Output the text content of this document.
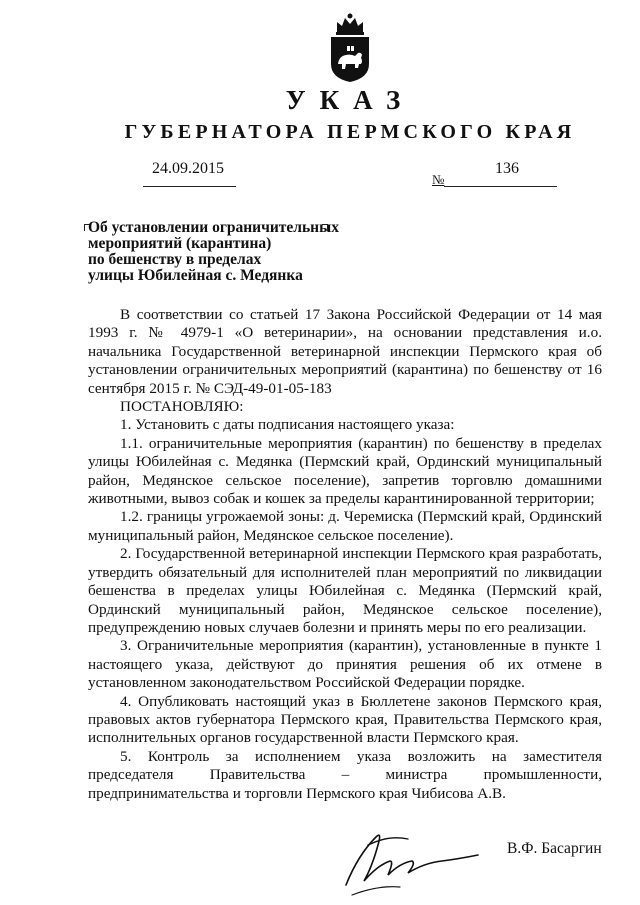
УКАЗ
ГУБЕРНАТОРА ПЕРМСКОГО КРАЯ
24.09.2015
№
136
Об установлении ограничительных
мероприятий (карантина)
по бешенству в пределах
улицы Юбилейная с. Медянка

В соответствии со статьей 17 Закона Российской Федерации от 14 мая 1993 г. № 4979-1 «О ветеринарии», на основании представления и.о. начальника Государственной ветеринарной инспекции Пермского края об установлении ограничительных мероприятий (карантина) по бешенству от 16 сентября 2015 г. № СЭД-49-01-05-183

ПОСТАНОВЛЯЮ:

1. Установить с даты подписания настоящего указа:

1.1. ограничительные мероприятия (карантин) по бешенству в пределах улицы Юбилейная с. Медянка (Пермский край, Ординский муниципальный район, Медянское сельское поселение), запретив торговлю домашними животными, вывоз собак и кошек за пределы карантинированной территории;

1.2. границы угрожаемой зоны: д. Черемиска (Пермский край, Ординский муниципальный район, Медянское сельское поселение).

2. Государственной ветеринарной инспекции Пермского края разработать, утвердить обязательный для исполнителей план мероприятий по ликвидации бешенства в пределах улицы Юбилейная с. Медянка (Пермский край, Ординский муниципальный район, Медянское сельское поселение), предупреждению новых случаев болезни и принять меры по его реализации.

3. Ограничительные мероприятия (карантин), установленные в пункте 1 настоящего указа, действуют до принятия решения об их отмене в установленном законодательством Российской Федерации порядке.

4. Опубликовать настоящий указ в Бюллетене законов Пермского края, правовых актов губернатора Пермского края, Правительства Пермского края, исполнительных органов государственной власти Пермского края.

5. Контроль за исполнением указа возложить на заместителя председателя Правительства – министра промышленности, предпринимательства и торговли Пермского края Чибисова А.В.

В.Ф. Басаргин
